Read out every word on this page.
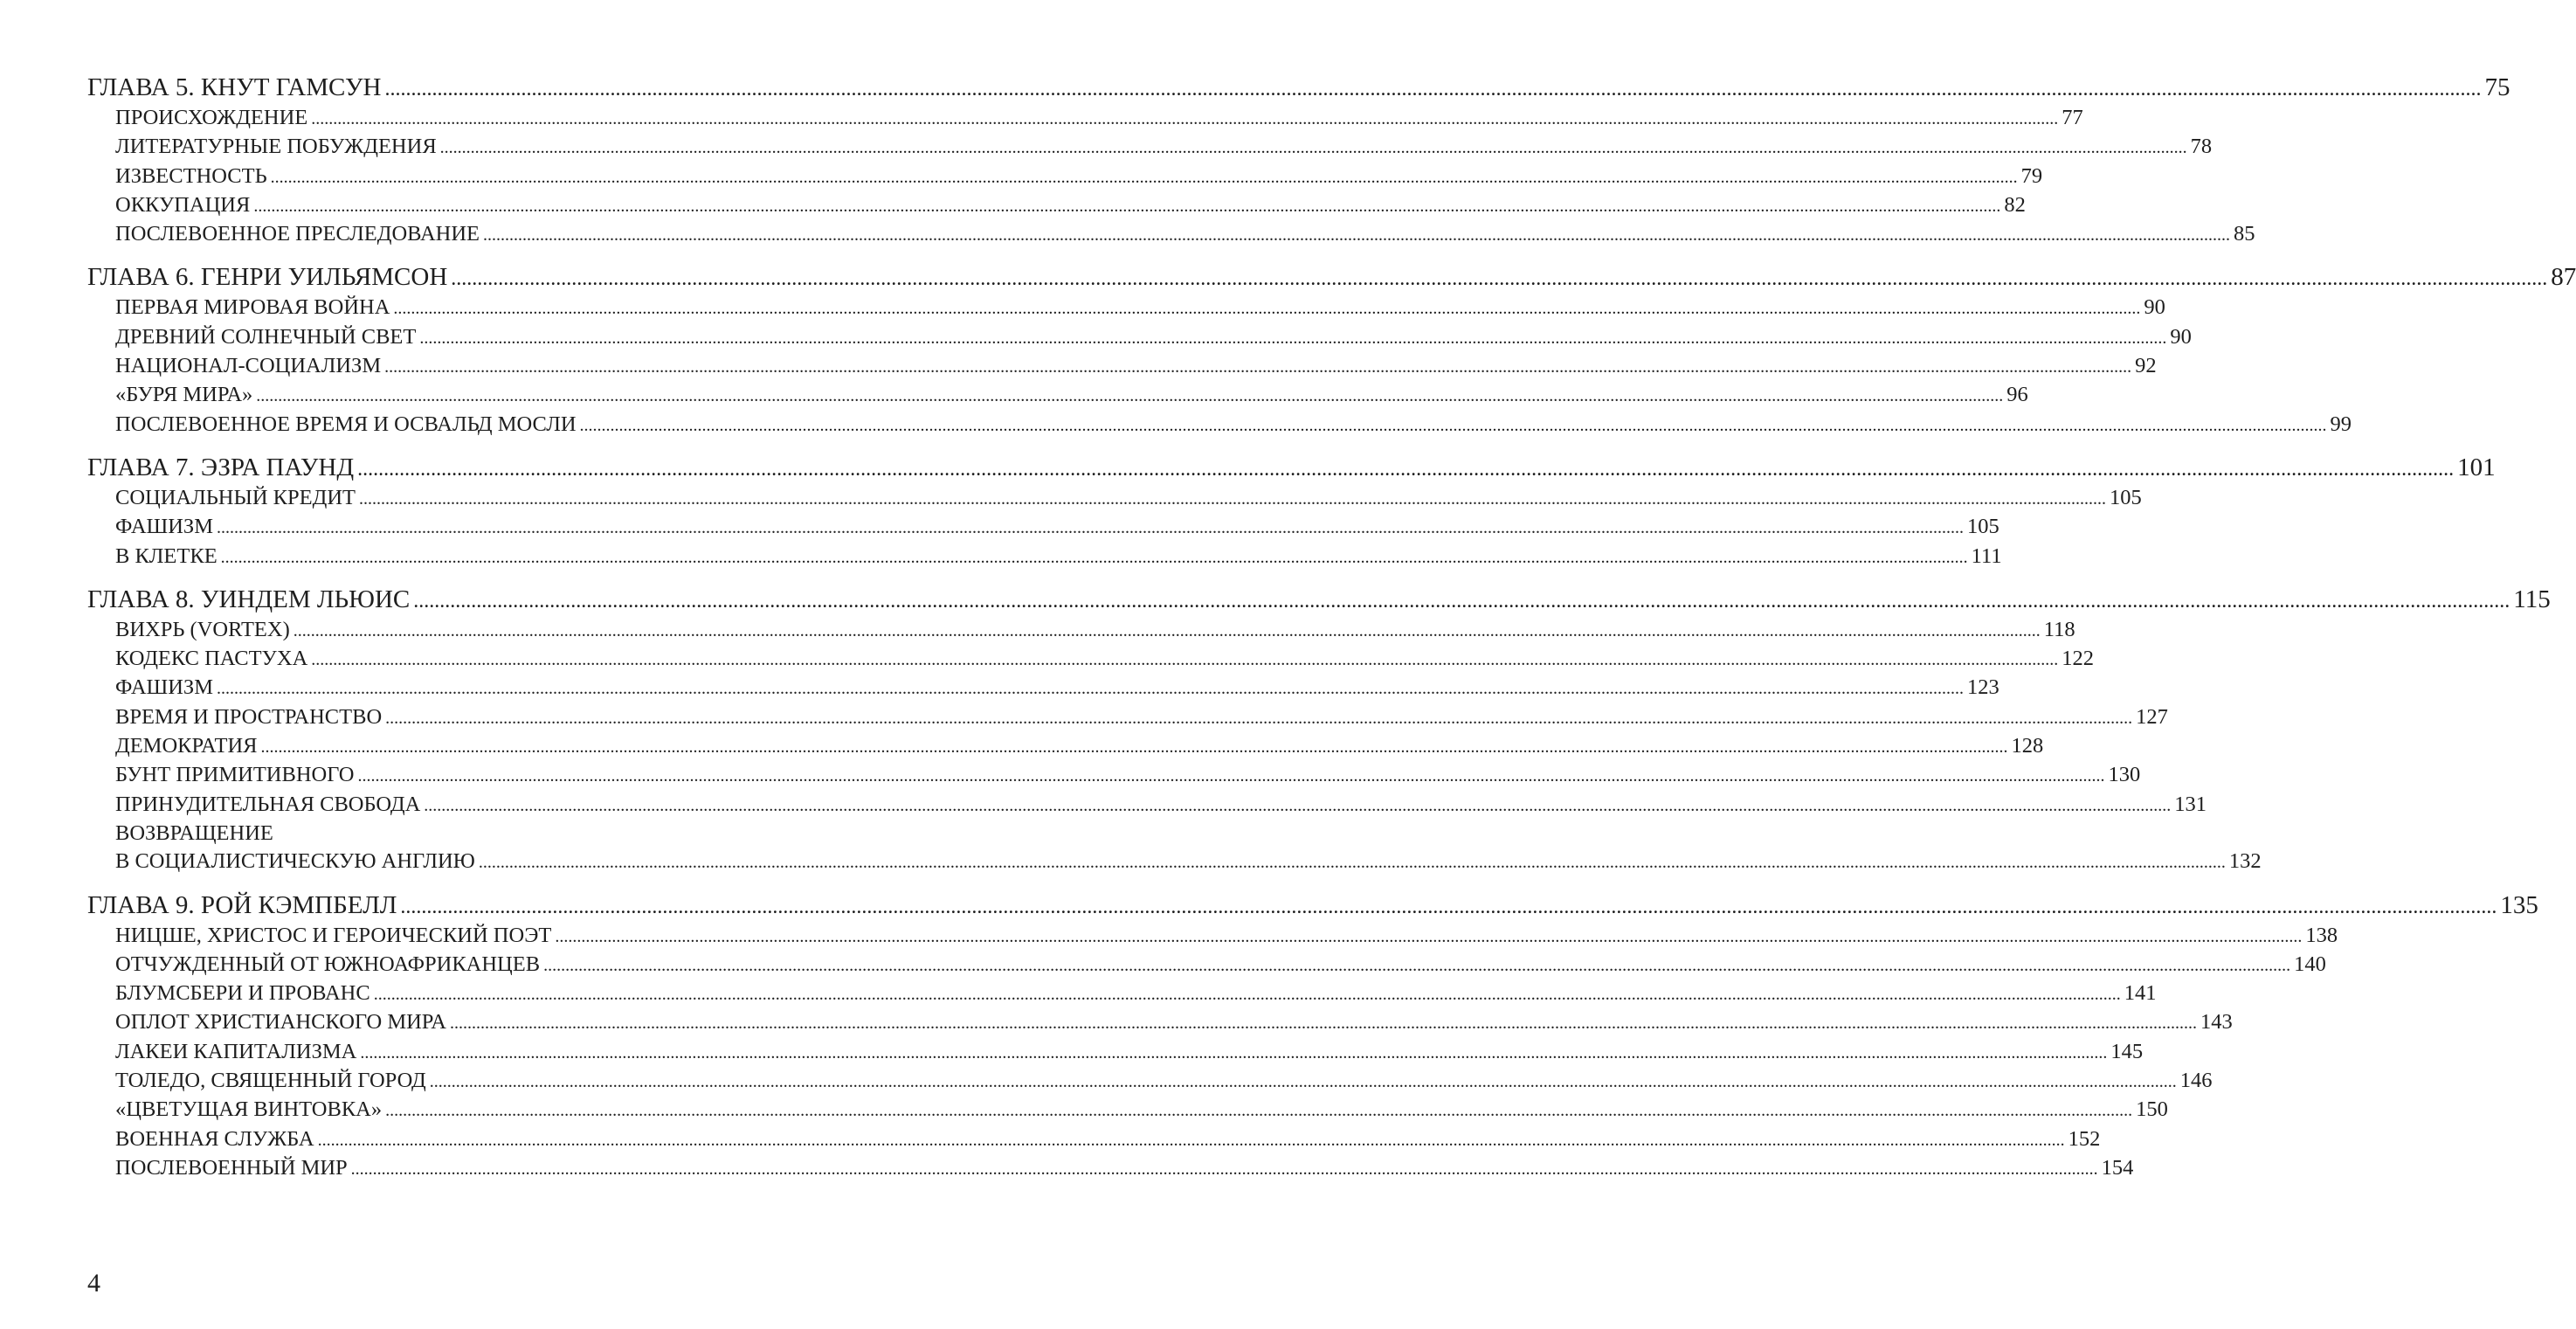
ГЛАВА 5. КНУТ ГАМСУН ................................................................................................................................................................................................................................................................................................................................................................................................................ 75
ПРОИСХОЖДЕНИЕ ................................................................................................................................................................................................................................................................................................................................................................................................................ 77
ЛИТЕРАТУРНЫЕ ПОБУЖДЕНИЯ ................................................................................................................................................................................................................................................................................................................................................................................................................ 78
ИЗВЕСТНОСТЬ ................................................................................................................................................................................................................................................................................................................................................................................................................ 79
ОККУПАЦИЯ ................................................................................................................................................................................................................................................................................................................................................................................................................ 82
ПОСЛЕВОЕННОЕ ПРЕСЛЕДОВАНИЕ ................................................................................................................................................................................................................................................................................................................................................................................................................ 85
ГЛАВА 6. ГЕНРИ УИЛЬЯМСОН ................................................................................................................................................................................................................................................................................................................................................................................................................ 87
ПЕРВАЯ МИРОВАЯ ВОЙНА ................................................................................................................................................................................................................................................................................................................................................................................................................ 90
ДРЕВНИЙ СОЛНЕЧНЫЙ СВЕТ ................................................................................................................................................................................................................................................................................................................................................................................................................ 90
НАЦИОНАЛ-СОЦИАЛИЗМ ................................................................................................................................................................................................................................................................................................................................................................................................................ 92
«БУРЯ МИРА» ................................................................................................................................................................................................................................................................................................................................................................................................................ 96
ПОСЛЕВОЕННОЕ ВРЕМЯ И ОСВАЛЬД МОСЛИ ................................................................................................................................................................................................................................................................................................................................................................................................................ 99
ГЛАВА 7. ЭЗРА ПАУНД ................................................................................................................................................................................................................................................................................................................................................................................................................ 101
СОЦИАЛЬНЫЙ КРЕДИТ ................................................................................................................................................................................................................................................................................................................................................................................................................ 105
ФАШИЗМ ................................................................................................................................................................................................................................................................................................................................................................................................................ 105
В КЛЕТКЕ ................................................................................................................................................................................................................................................................................................................................................................................................................ 111
ГЛАВА 8. УИНДЕМ ЛЬЮИС ................................................................................................................................................................................................................................................................................................................................................................................................................ 115
ВИХРЬ (VORTEX) ................................................................................................................................................................................................................................................................................................................................................................................................................ 118
КОДЕКС ПАСТУХА ................................................................................................................................................................................................................................................................................................................................................................................................................ 122
ФАШИЗМ ................................................................................................................................................................................................................................................................................................................................................................................................................ 123
ВРЕМЯ И ПРОСТРАНСТВО ................................................................................................................................................................................................................................................................................................................................................................................................................ 127
ДЕМОКРАТИЯ ................................................................................................................................................................................................................................................................................................................................................................................................................ 128
БУНТ ПРИМИТИВНОГО ................................................................................................................................................................................................................................................................................................................................................................................................................ 130
ПРИНУДИТЕЛЬНАЯ СВОБОДА ................................................................................................................................................................................................................................................................................................................................................................................................................ 131
ВОЗВРАЩЕНИЕ
В СОЦИАЛИСТИЧЕСКУЮ АНГЛИЮ ................................................................................................................................................................................................................................................................................................................................................................................................................ 132
ГЛАВА 9. РОЙ КЭМПБЕЛЛ ................................................................................................................................................................................................................................................................................................................................................................................................................ 135
НИЦШЕ, ХРИСТОС И ГЕРОИЧЕСКИЙ ПОЭТ ................................................................................................................................................................................................................................................................................................................................................................................................................ 138
ОТЧУЖДЕННЫЙ ОТ ЮЖНОАФРИКАНЦЕВ ................................................................................................................................................................................................................................................................................................................................................................................................................ 140
БЛУМСБЕРИ И ПРОВАНС ................................................................................................................................................................................................................................................................................................................................................................................................................ 141
ОПЛОТ ХРИСТИАНСКОГО МИРА ................................................................................................................................................................................................................................................................................................................................................................................................................ 143
ЛАКЕИ КАПИТАЛИЗМА ................................................................................................................................................................................................................................................................................................................................................................................................................ 145
ТОЛЕДО, СВЯЩЕННЫЙ ГОРОД ................................................................................................................................................................................................................................................................................................................................................................................................................ 146
«ЦВЕТУЩАЯ ВИНТОВКА» ................................................................................................................................................................................................................................................................................................................................................................................................................ 150
ВОЕННАЯ СЛУЖБА ................................................................................................................................................................................................................................................................................................................................................................................................................ 152
ПОСЛЕВОЕННЫЙ МИР ................................................................................................................................................................................................................................................................................................................................................................................................................ 154
4
